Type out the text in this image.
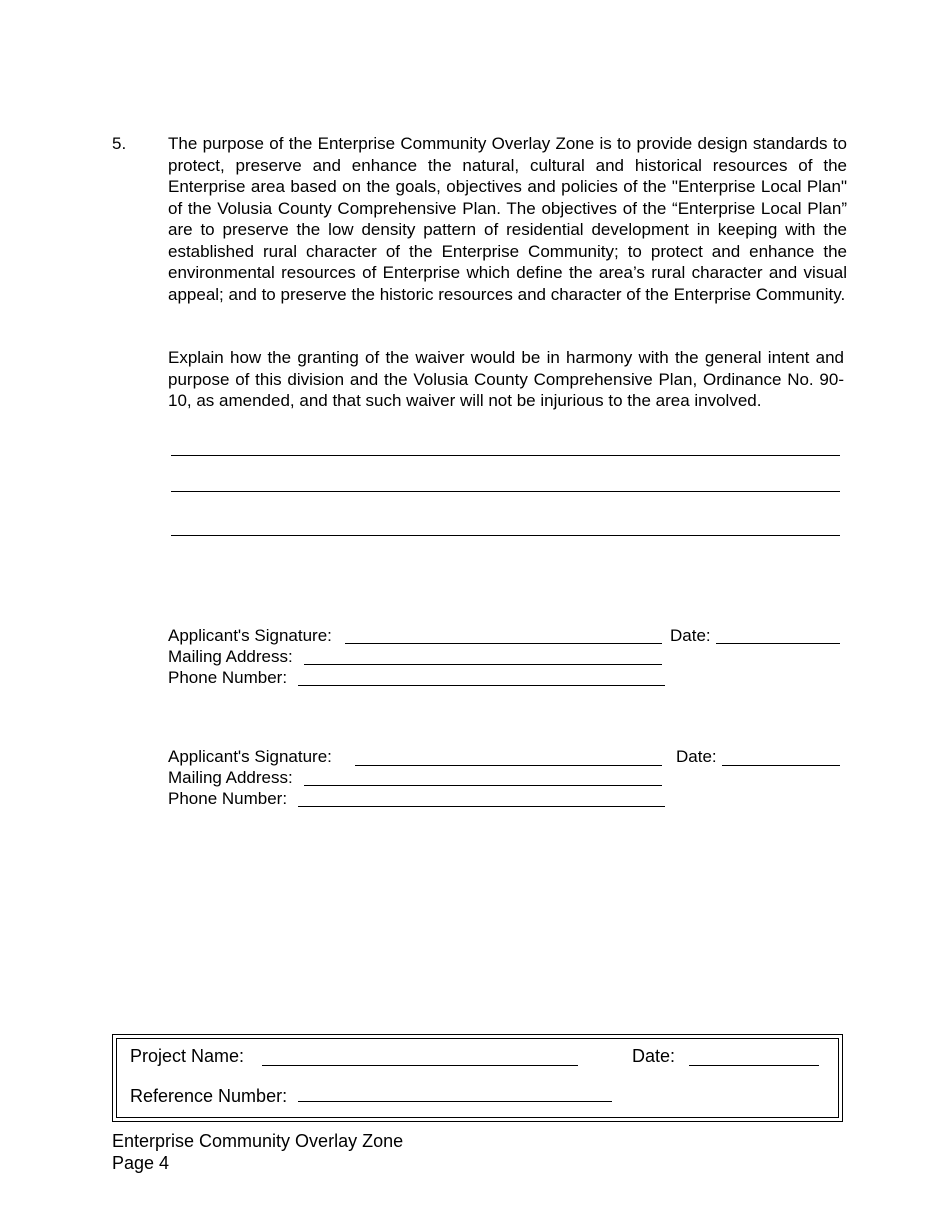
5. The purpose of the Enterprise Community Overlay Zone is to provide design standards to protect, preserve and enhance the natural, cultural and historical resources of the Enterprise area based on the goals, objectives and policies of the "Enterprise Local Plan" of the Volusia County Comprehensive Plan. The objectives of the “Enterprise Local Plan” are to preserve the low density pattern of residential development in keeping with the established rural character of the Enterprise Community; to protect and enhance the environmental resources of Enterprise which define the area’s rural character and visual appeal; and to preserve the historic resources and character of the Enterprise Community.

Explain how the granting of the waiver would be in harmony with the general intent and purpose of this division and the Volusia County Comprehensive Plan, Ordinance No. 90-10, as amended, and that such waiver will not be injurious to the area involved.

Applicant's Signature:	Date:
Mailing Address:
Phone Number:
Applicant's Signature:	Date:
Mailing Address:
Phone Number:
Project Name:	Date:
Reference Number:
Enterprise Community Overlay Zone
Page 4
